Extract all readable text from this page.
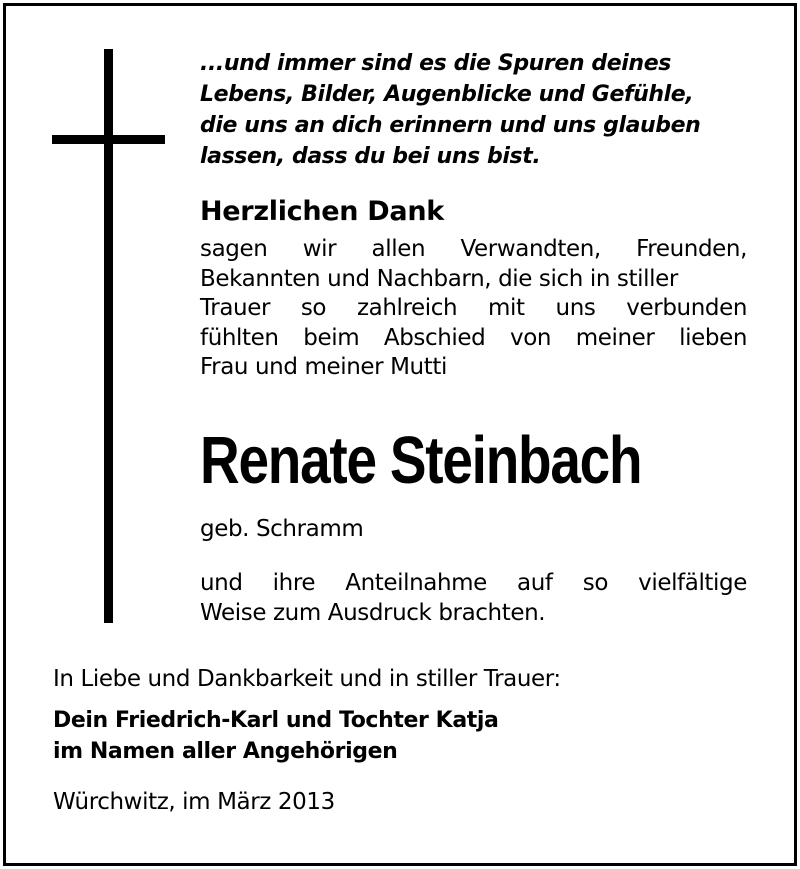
...und immer sind es die Spuren deines
Lebens, Bilder, Augenblicke und Gefühle,
die uns an dich erinnern und uns glauben
lassen, dass du bei uns bist.

Herzlichen Dank
sagen wir allen Verwandten, Freunden,
Bekannten und Nachbarn, die sich in stiller
Trauer so zahlreich mit uns verbunden
fühlten beim Abschied von meiner lieben
Frau und meiner Mutti
Renate Steinbach
geb. Schramm
und ihre Anteilnahme auf so vielfältige
Weise zum Ausdruck brachten.
In Liebe und Dankbarkeit und in stiller Trauer:
Dein Friedrich-Karl und Tochter Katja
im Namen aller Angehörigen
Würchwitz, im März 2013
